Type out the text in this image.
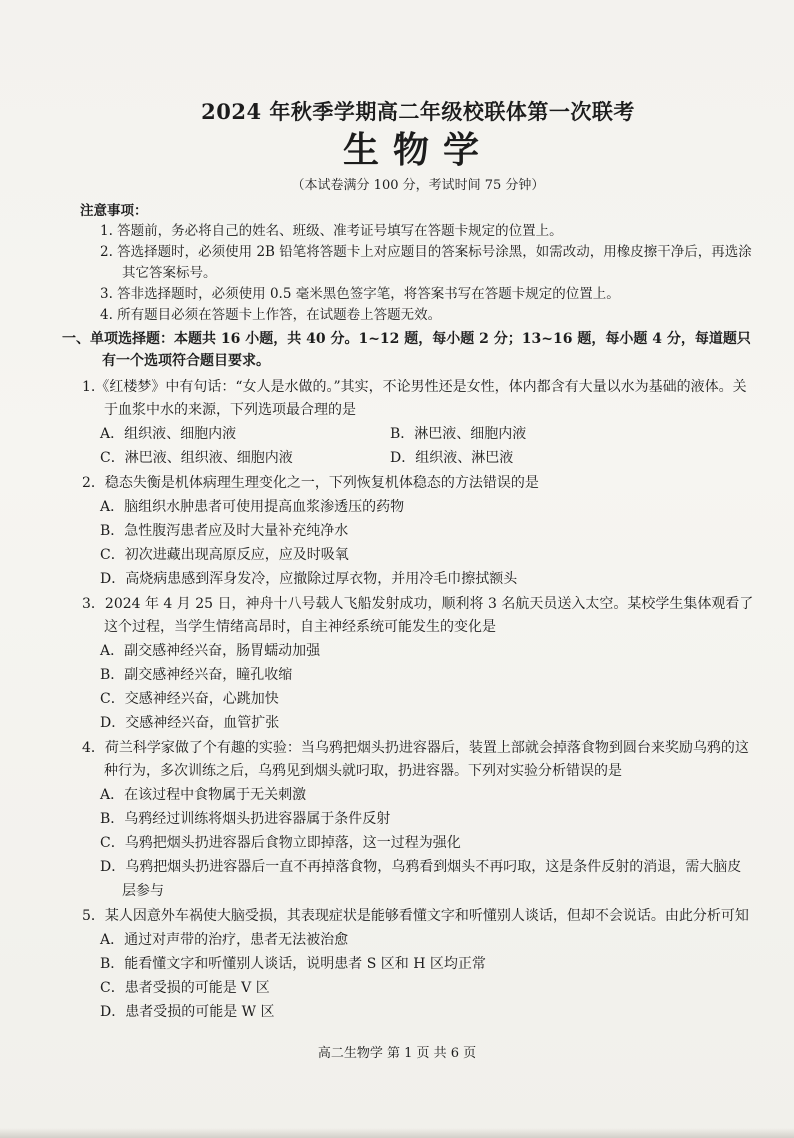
2024 年秋季学期高二年级校联体第一次联考
生物学
（本试卷满分 100 分，考试时间 75 分钟）
注意事项：
1. 答题前，务必将自己的姓名、班级、准考证号填写在答题卡规定的位置上。
2. 答选择题时，必须使用 2B 铅笔将答题卡上对应题目的答案标号涂黑，如需改动，用橡皮擦干净后，再选涂其它答案标号。
3. 答非选择题时，必须使用 0.5 毫米黑色签字笔，将答案书写在答题卡规定的位置上。
4. 所有题目必须在答题卡上作答，在试题卷上答题无效。
一、单项选择题：本题共 16 小题，共 40 分。1~12 题，每小题 2 分；13~16 题，每小题 4 分，每道题只有一个选项符合题目要求。

1.《红楼梦》中有句话：“女人是水做的。”其实，不论男性还是女性，体内都含有大量以水为基础的液体。关于血浆中水的来源，下列选项最合理的是

A．组织液、细胞内液	B．淋巴液、细胞内液
C．淋巴液、组织液、细胞内液	D．组织液、淋巴液

2．稳态失衡是机体病理生理变化之一，下列恢复机体稳态的方法错误的是

A．脑组织水肿患者可使用提高血浆渗透压的药物
B．急性腹泻患者应及时大量补充纯净水
C．初次进藏出现高原反应，应及时吸氧
D．高烧病患感到浑身发冷，应撤除过厚衣物，并用冷毛巾擦拭额头

3．2024 年 4 月 25 日，神舟十八号载人飞船发射成功，顺利将 3 名航天员送入太空。某校学生集体观看了这个过程，当学生情绪高昂时，自主神经系统可能发生的变化是

A．副交感神经兴奋，肠胃蠕动加强
B．副交感神经兴奋，瞳孔收缩
C．交感神经兴奋，心跳加快
D．交感神经兴奋，血管扩张

4．荷兰科学家做了个有趣的实验：当乌鸦把烟头扔进容器后，装置上部就会掉落食物到圆台来奖励乌鸦的这种行为，多次训练之后，乌鸦见到烟头就叼取，扔进容器。下列对实验分析错误的是

A．在该过程中食物属于无关刺激
B．乌鸦经过训练将烟头扔进容器属于条件反射
C．乌鸦把烟头扔进容器后食物立即掉落，这一过程为强化
D．乌鸦把烟头扔进容器后一直不再掉落食物，乌鸦看到烟头不再叼取，这是条件反射的消退，需大脑皮层参与

5．某人因意外车祸使大脑受损，其表现症状是能够看懂文字和听懂别人谈话，但却不会说话。由此分析可知

A．通过对声带的治疗，患者无法被治愈
B．能看懂文字和听懂别人谈话，说明患者 S 区和 H 区均正常
C．患者受损的可能是 V 区
D．患者受损的可能是 W 区
高二生物学 第 1 页 共 6 页
